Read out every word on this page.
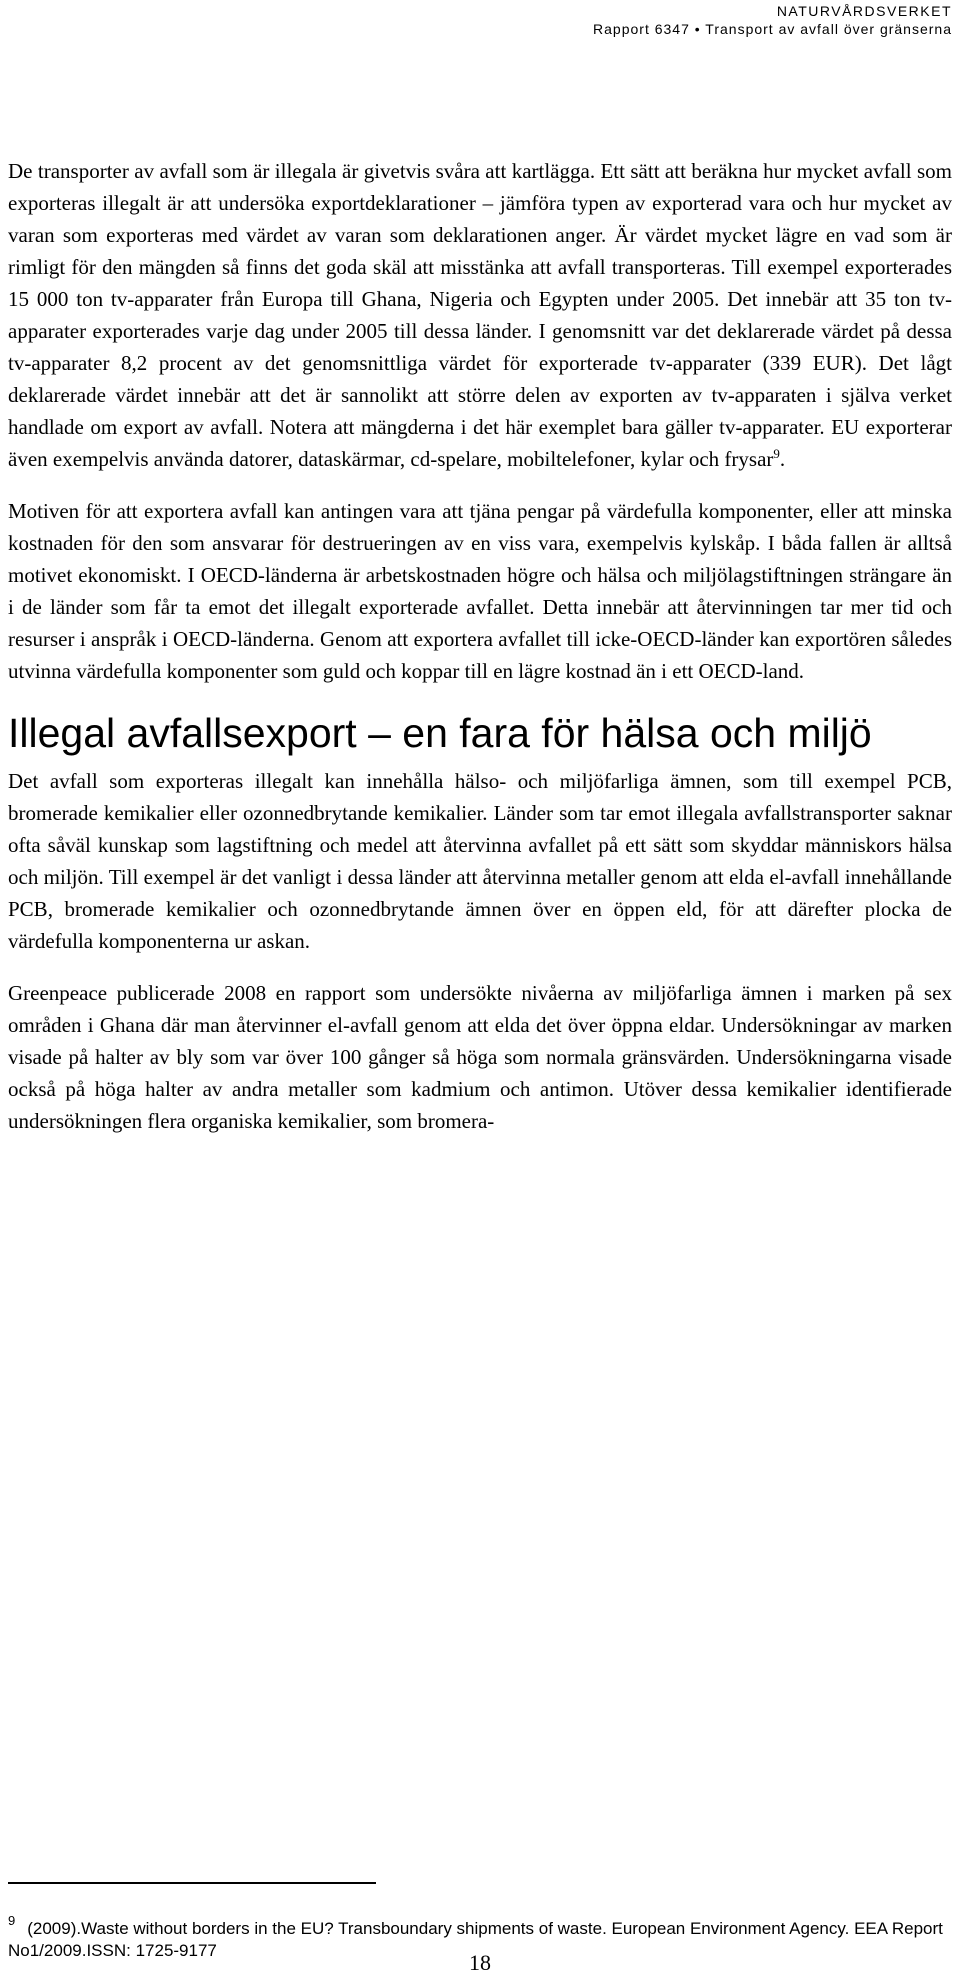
NATURVÅRDSVERKET
Rapport 6347 • Transport av avfall över gränserna

De transporter av avfall som är illegala är givetvis svåra att kartlägga. Ett sätt att beräkna hur mycket avfall som exporteras illegalt är att undersöka exportdeklarationer – jämföra typen av exporterad vara och hur mycket av varan som exporteras med värdet av varan som deklarationen anger. Är värdet mycket lägre en vad som är rimligt för den mängden så finns det goda skäl att misstänka att avfall transporteras. Till exempel exporterades 15 000 ton tv-apparater från Europa till Ghana, Nigeria och Egypten under 2005. Det innebär att 35 ton tv-apparater exporterades varje dag under 2005 till dessa länder. I genomsnitt var det deklarerade värdet på dessa tv-apparater 8,2 procent av det genomsnittliga värdet för exporterade tv-apparater (339 EUR). Det lågt deklarerade värdet innebär att det är sannolikt att större delen av exporten av tv-apparaten i själva verket handlade om export av avfall. Notera att mängderna i det här exemplet bara gäller tv-apparater. EU exporterar även exempelvis använda datorer, dataskärmar, cd-spelare, mobiltelefoner, kylar och frysar$^9$.

Motiven för att exportera avfall kan antingen vara att tjäna pengar på värdefulla komponenter, eller att minska kostnaden för den som ansvarar för destrueringen av en viss vara, exempelvis kylskåp. I båda fallen är alltså motivet ekonomiskt. I OECD-länderna är arbetskostnaden högre och hälsa och miljölagstiftningen strängare än i de länder som får ta emot det illegalt exporterade avfallet. Detta innebär att återvinningen tar mer tid och resurser i anspråk i OECD-länderna. Genom att exportera avfallet till icke-OECD-länder kan exportören således utvinna värdefulla komponenter som guld och koppar till en lägre kostnad än i ett OECD-land.

Illegal avfallsexport – en fara för hälsa och miljö

Det avfall som exporteras illegalt kan innehålla hälso- och miljöfarliga ämnen, som till exempel PCB, bromerade kemikalier eller ozonnedbrytande kemikalier. Länder som tar emot illegala avfallstransporter saknar ofta såväl kunskap som lagstiftning och medel att återvinna avfallet på ett sätt som skyddar människors hälsa och miljön. Till exempel är det vanligt i dessa länder att återvinna metaller genom att elda el-avfall innehållande PCB, bromerade kemikalier och ozonnedbrytande ämnen över en öppen eld, för att därefter plocka de värdefulla komponenterna ur askan.

Greenpeace publicerade 2008 en rapport som undersökte nivåerna av miljöfarliga ämnen i marken på sex områden i Ghana där man återvinner el-avfall genom att elda det över öppna eldar. Undersökningar av marken visade på halter av bly som var över 100 gånger så höga som normala gränsvärden. Undersökningarna visade också på höga halter av andra metaller som kadmium och antimon. Utöver dessa kemikalier identifierade undersökningen flera organiska kemikalier, som bromera-

$^9$ (2009).Waste without borders in the EU? Transboundary shipments of waste. European Environment Agency. EEA Report No1/2009.ISSN: 1725-9177	18
